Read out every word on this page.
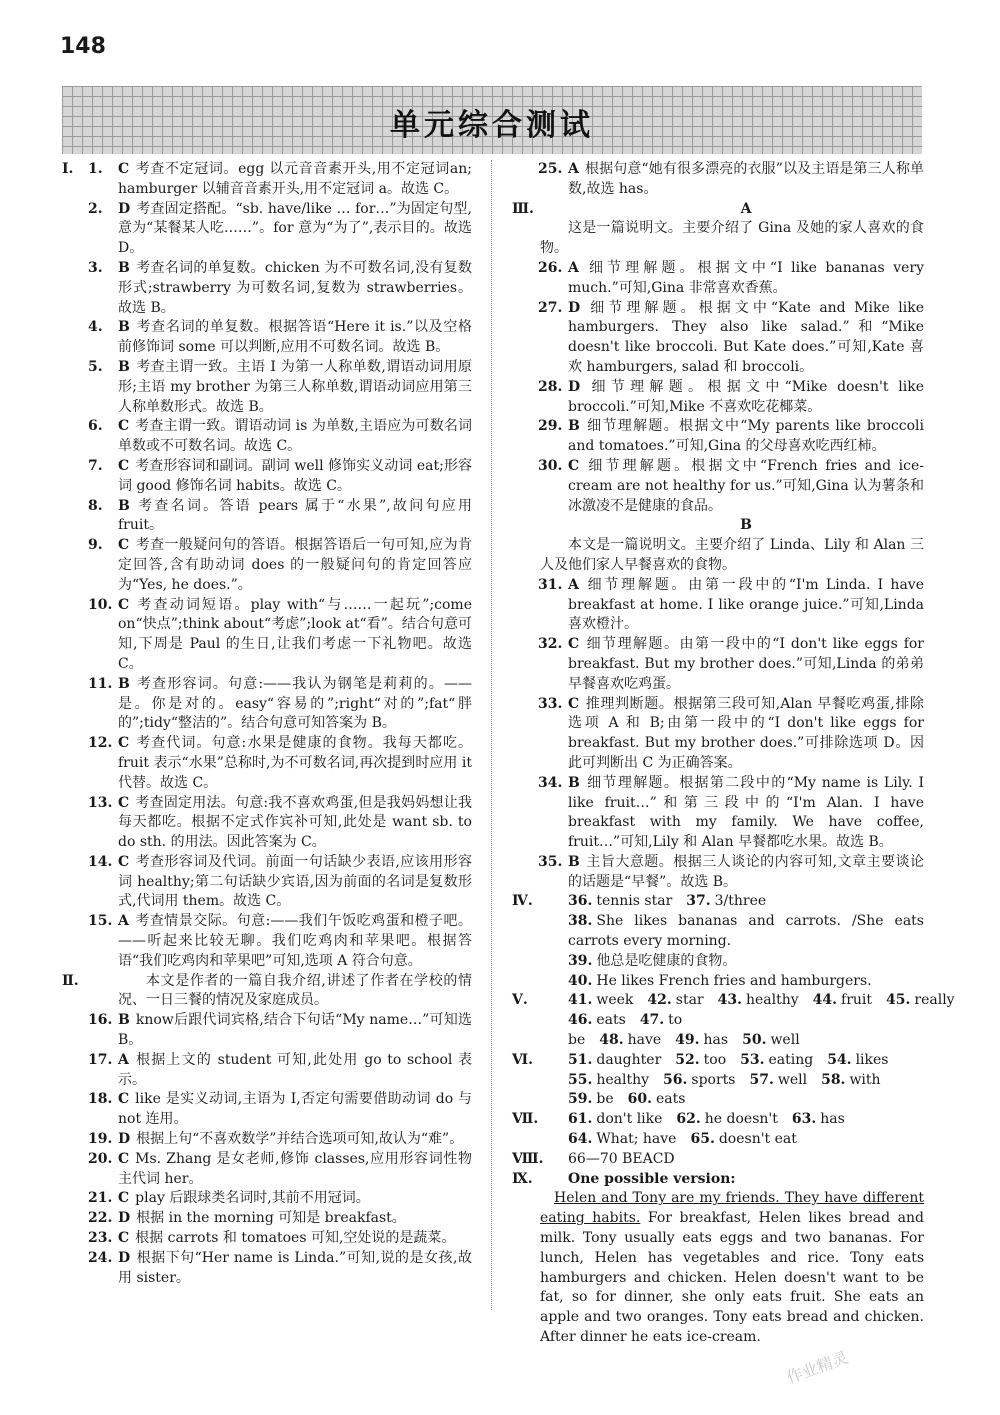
148
单元综合测试
Ⅰ. 1. C 考查不定冠词。egg 以元音音素开头,用不定冠词an; hamburger 以辅音音素开头,用不定冠词 a。故选 C。
2. D 考查固定搭配。“sb. have/like … for…”为固定句型,意为“某餐某人吃……”。for 意为“为了”,表示目的。故选 D。
3. B 考查名词的单复数。chicken 为不可数名词,没有复数形式;strawberry 为可数名词,复数为 strawberries。故选 B。
4. B 考查名词的单复数。根据答语“Here it is.”以及空格前修饰词 some 可以判断,应用不可数名词。故选 B。
5. B 考查主谓一致。主语 I 为第一人称单数,谓语动词用原形;主语 my brother 为第三人称单数,谓语动词应用第三人称单数形式。故选 B。
6. C 考查主谓一致。谓语动词 is 为单数,主语应为可数名词单数或不可数名词。故选 C。
7. C 考查形容词和副词。副词 well 修饰实义动词 eat;形容词 good 修饰名词 habits。故选 C。
8. B 考查名词。答语 pears 属于“水果”,故问句应用 fruit。
9. C 考查一般疑问句的答语。根据答语后一句可知,应为肯定回答,含有助动词 does 的一般疑问句的肯定回答应为“Yes, he does.”。
10. C 考查动词短语。play with“与……一起玩”;come on“快点”;think about“考虑”;look at“看”。结合句意可知,下周是 Paul 的生日,让我们考虑一下礼物吧。故选 C。
11. B 考查形容词。句意:——我认为钢笔是莉莉的。——是。你是对的。easy“容易的”;right“对的”;fat“胖的”;tidy“整洁的”。结合句意可知答案为 B。
12. C 考查代词。句意:水果是健康的食物。我每天都吃。fruit 表示“水果”总称时,为不可数名词,再次提到时应用 it 代替。故选 C。
13. C 考查固定用法。句意:我不喜欢鸡蛋,但是我妈妈想让我每天都吃。根据不定式作宾补可知,此处是 want sb. to do sth. 的用法。因此答案为 C。
14. C 考查形容词及代词。前面一句话缺少表语,应该用形容词 healthy;第二句话缺少宾语,因为前面的名词是复数形式,代词用 them。故选 C。
15. A 考查情景交际。句意:——我们午饭吃鸡蛋和橙子吧。——听起来比较无聊。我们吃鸡肉和苹果吧。根据答语“我们吃鸡肉和苹果吧”可知,选项 A 符合句意。
Ⅱ.	本文是作者的一篇自我介绍,讲述了作者在学校的情况、一日三餐的情况及家庭成员。
16. B know后跟代词宾格,结合下句话“My name…”可知选 B。
17. A 根据上文的 student 可知,此处用 go to school 表示。
18. C like 是实义动词,主语为 I,否定句需要借助动词 do 与 not 连用。
19. D 根据上句“不喜欢数学”并结合选项可知,故认为“难”。
20. C Ms. Zhang 是女老师,修饰 classes,应用形容词性物主代词 her。
21. C play 后跟球类名词时,其前不用冠词。
22. D 根据 in the morning 可知是 breakfast。
23. C 根据 carrots 和 tomatoes 可知,空处说的是蔬菜。
24. D 根据下句“Her name is Linda.”可知,说的是女孩,故用 sister。
25. A 根据句意“她有很多漂亮的衣服”以及主语是第三人称单数,故选 has。
Ⅲ.	A
这是一篇说明文。主要介绍了 Gina 及她的家人喜欢的食物。
26. A 细节理解题。根据文中“I like bananas very much.”可知,Gina 非常喜欢香蕉。
27. D 细节理解题。根据文中“Kate and Mike like hamburgers. They also like salad.”和“Mike doesn't like broccoli. But Kate does.”可知,Kate 喜欢 hamburgers, salad 和 broccoli。
28. D 细节理解题。根据文中“Mike doesn't like broccoli.”可知,Mike 不喜欢吃花椰菜。
29. B 细节理解题。根据文中“My parents like broccoli and tomatoes.”可知,Gina 的父母喜欢吃西红柿。
30. C 细节理解题。根据文中“French fries and ice-cream are not healthy for us.”可知,Gina 认为薯条和冰激凌不是健康的食品。
B
本文是一篇说明文。主要介绍了 Linda、Lily 和 Alan 三人及他们家人早餐喜欢的食物。
31. A 细节理解题。由第一段中的“I'm Linda. I have breakfast at home. I like orange juice.”可知,Linda 喜欢橙汁。
32. C 细节理解题。由第一段中的“I don't like eggs for breakfast. But my brother does.”可知,Linda 的弟弟早餐喜欢吃鸡蛋。
33. C 推理判断题。根据第三段可知,Alan 早餐吃鸡蛋,排除选项 A 和 B;由第一段中的“I don't like eggs for breakfast. But my brother does.”可排除选项 D。因此可判断出 C 为正确答案。
34. B 细节理解题。根据第二段中的“My name is Lily. I like fruit…”和第三段中的“I'm Alan. I have breakfast with my family. We have coffee, fruit…”可知,Lily 和 Alan 早餐都吃水果。故选 B。
35. B 主旨大意题。根据三人谈论的内容可知,文章主要谈论的话题是“早餐”。故选 B。
Ⅳ.	36. tennis star 37. 3/three
38. She likes bananas and carrots. /She eats carrots every morning.
39. 他总是吃健康的食物。
40. He likes French fries and hamburgers.
Ⅴ.	41. week 42. star 43. healthy 44. fruit 45. really
46. eats 47. to be 48. have 49. has 50. well
Ⅵ.	51. daughter 52. too 53. eating 54. likes
55. healthy 56. sports 57. well 58. with
59. be 60. eats
Ⅶ. 61. don't like 62. he doesn't 63. has
64. What; have 65. doesn't eat
Ⅷ. 66—70 BEACD
Ⅸ.	One possible version:
Helen and Tony are my friends. They have different eating habits. For breakfast, Helen likes bread and milk. Tony usually eats eggs and two bananas. For lunch, Helen has vegetables and rice. Tony eats hamburgers and chicken. Helen doesn't want to be fat, so for dinner, she only eats fruit. She eats an apple and two oranges. Tony eats bread and chicken. After dinner he eats ice-cream.
作业精灵
